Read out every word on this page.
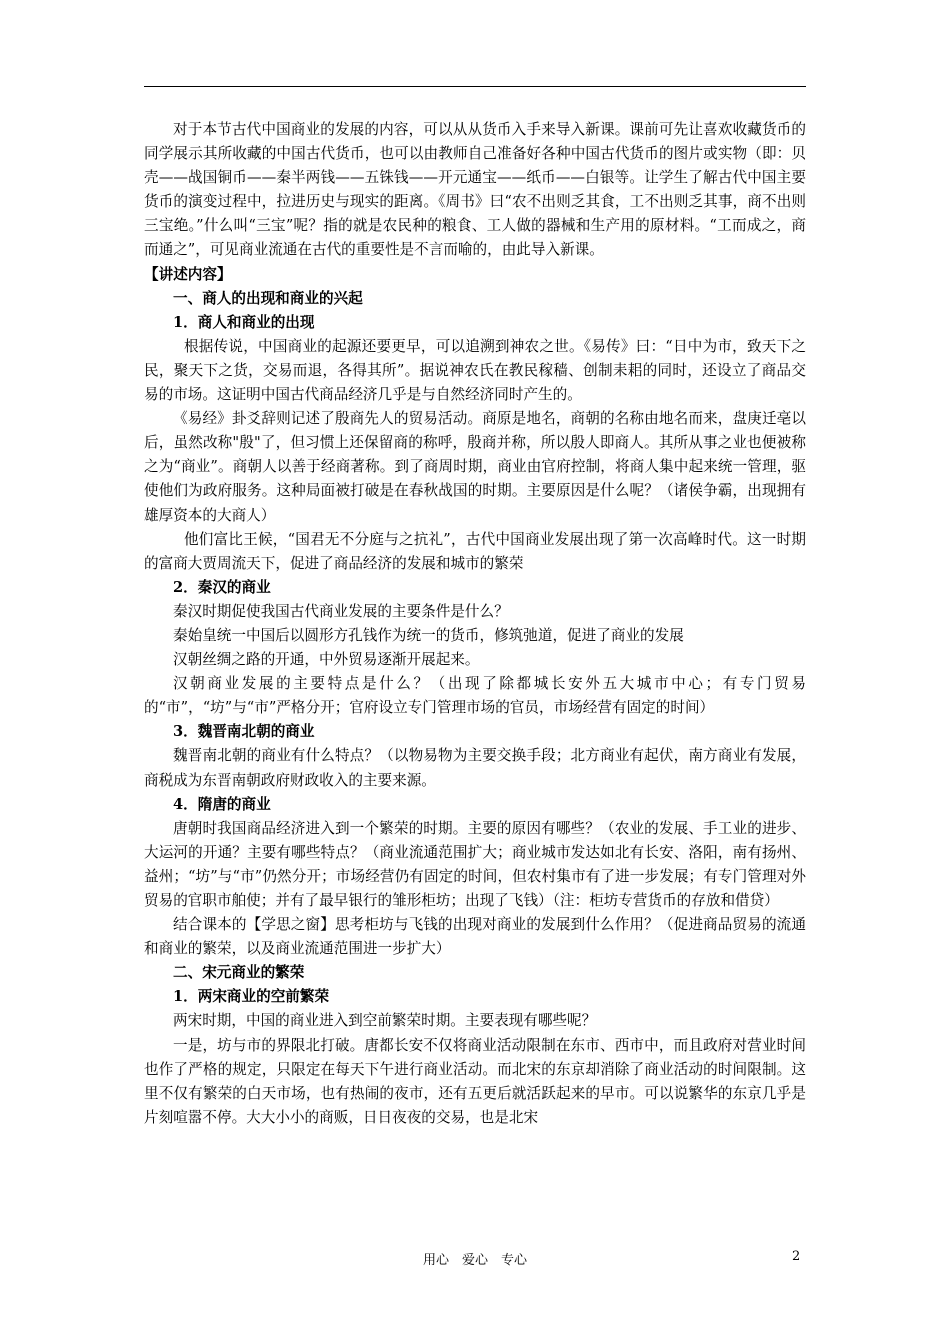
对于本节古代中国商业的发展的内容，可以从从货币入手来导入新课。课前可先让喜欢收藏货币的同学展示其所收藏的中国古代货币，也可以由教师自己准备好各种中国古代货币的图片或实物（即：贝壳——战国铜币——秦半两钱——五铢钱——开元通宝——纸币——白银等。让学生了解古代中国主要货币的演变过程中，拉进历史与现实的距离。《周书》曰“农不出则乏其食，工不出则乏其事，商不出则三宝绝。”什么叫“三宝”呢？指的就是农民种的粮食、工人做的器械和生产用的原材料。“工而成之，商而通之”，可见商业流通在古代的重要性是不言而喻的，由此导入新课。

【讲述内容】

一、商人的出现和商业的兴起

1．商人和商业的出现

根据传说，中国商业的起源还要更早，可以追溯到神农之世。《易传》曰：“日中为市，致天下之民，聚天下之货，交易而退，各得其所”。据说神农氏在教民稼穑、创制耒耜的同时，还设立了商品交易的市场。这证明中国古代商品经济几乎是与自然经济同时产生的。

《易经》卦爻辞则记述了殷商先人的贸易活动。商原是地名，商朝的名称由地名而来，盘庚迁亳以后，虽然改称"殷"了，但习惯上还保留商的称呼，殷商并称，所以殷人即商人。其所从事之业也便被称之为“商业”。商朝人以善于经商著称。到了商周时期，商业由官府控制，将商人集中起来统一管理，驱使他们为政府服务。这种局面被打破是在春秋战国的时期。主要原因是什么呢？（诸侯争霸，出现拥有雄厚资本的大商人）

他们富比王候，“国君无不分庭与之抗礼”，古代中国商业发展出现了第一次高峰时代。这一时期的富商大贾周流天下，促进了商品经济的发展和城市的繁荣

2．秦汉的商业

秦汉时期促使我国古代商业发展的主要条件是什么？

秦始皇统一中国后以圆形方孔钱作为统一的货币，修筑弛道，促进了商业的发展

汉朝丝绸之路的开通，中外贸易逐渐开展起来。

汉朝商业发展的主要特点是什么？（出现了除都城长安外五大城市中心；有专门贸易的“市”，“坊”与“市”严格分开；官府设立专门管理市场的官员，市场经营有固定的时间）

3．魏晋南北朝的商业

魏晋南北朝的商业有什么特点？（以物易物为主要交换手段；北方商业有起伏，南方商业有发展，商税成为东晋南朝政府财政收入的主要来源。

4．隋唐的商业

唐朝时我国商品经济进入到一个繁荣的时期。主要的原因有哪些？（农业的发展、手工业的进步、大运河的开通？主要有哪些特点？（商业流通范围扩大；商业城市发达如北有长安、洛阳，南有扬州、益州；“坊”与“市”仍然分开；市场经营仍有固定的时间，但农村集市有了进一步发展；有专门管理对外贸易的官职市舶使；并有了最早银行的雏形柜坊；出现了飞钱）（注：柜坊专营货币的存放和借贷）

结合课本的【学思之窗】思考柜坊与飞钱的出现对商业的发展到什么作用？（促进商品贸易的流通和商业的繁荣，以及商业流通范围进一步扩大）

二、宋元商业的繁荣

1．两宋商业的空前繁荣

两宋时期，中国的商业进入到空前繁荣时期。主要表现有哪些呢？

一是，坊与市的界限北打破。唐都长安不仅将商业活动限制在东市、西市中，而且政府对营业时间也作了严格的规定，只限定在每天下午进行商业活动。而北宋的东京却消除了商业活动的时间限制。这里不仅有繁荣的白天市场，也有热闹的夜市，还有五更后就活跃起来的早市。可以说繁华的东京几乎是片刻喧嚣不停。大大小小的商贩，日日夜夜的交易，也是北宋

用心　爱心　专心	2
